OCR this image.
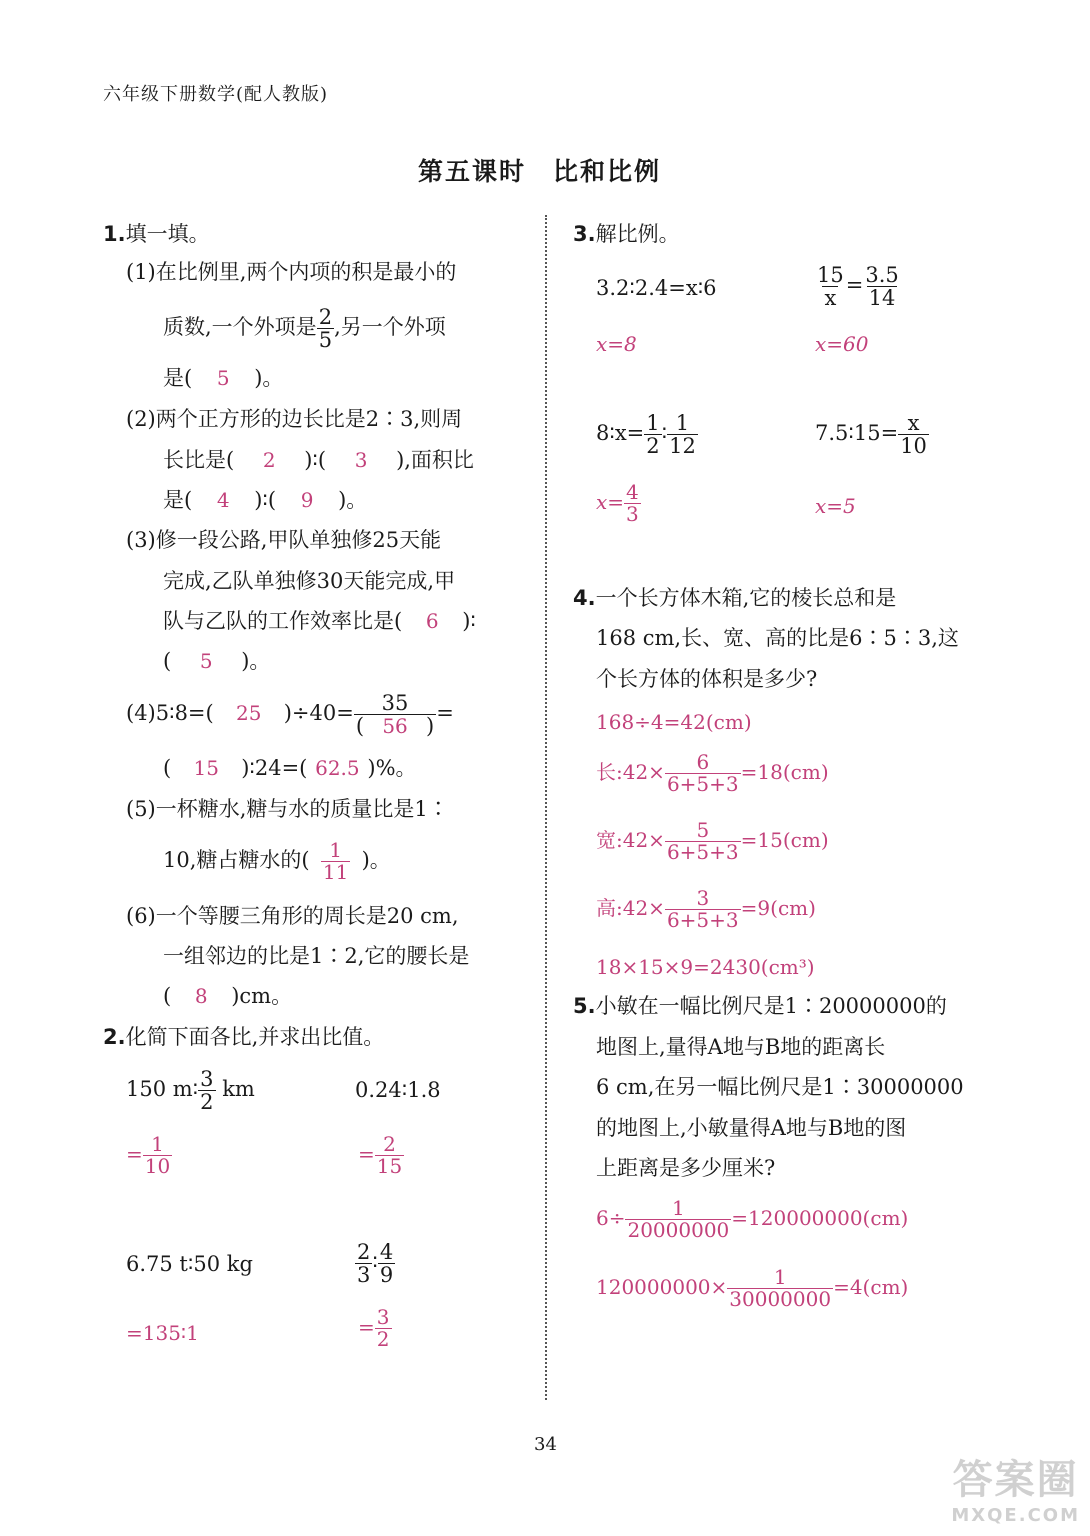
六年级下册数学(配人教版)
第五课时　比和比例
1.填一填。
(1)在比例里,两个内项的积是最小的
质数,一个外项是 $\frac{2}{5}$ ,另一个外项
是( 5 )。
(2)两个正方形的边长比是2∶3,则周
长比是( 2 )∶( 3 ),面积比
是( 4 )∶( 9 )。
(3)修一段公路,甲队单独修25天能
完成,乙队单独修30天能完成,甲
队与乙队的工作效率比是( 6 )∶
( 5 )。
(4)5∶8=( 25 )$\div 40= \frac{35}{( 56 )}$ =
( 15 )∶24=( 62.5 )%。
(5)一杯糖水,糖与水的质量比是1∶
10,糖占糖水的( $\frac{1}{11}$ )。
(6)一个等腰三角形的周长是20 cm,
一组邻边的比是1∶2,它的腰长是
( 8 )cm。
2.化简下面各比,并求出比值。
150 m∶ $\frac{3}{2}$ km	0.24∶1.8
= $\frac{1}{10}$	= $\frac{2}{15}$
6.75 t∶50 kg	$\frac{2}{3}$ ∶ $\frac{4}{9}$
=135∶1	= $\frac{3}{2}$
3.解比例。
3.2∶2.4=x∶6	$\frac{15}{x} = \frac{3.5}{14}$
x=8	x=60
8∶x= $\frac{1}{2}$ ∶ $\frac{1}{12}$	7.5∶15= $\frac{x}{10}$
$x= \frac{4}{3}$	x=5
4.一个长方体木箱,它的棱长总和是
168 cm,长、宽、高的比是6∶5∶3,这
个长方体的体积是多少?
168÷4=42(cm)
长:42× $\frac{6}{6+5+3} =18(cm)$
宽:42× $\frac{5}{6+5+3} =15(cm)$
高:42× $\frac{3}{6+5+3} =9(cm)$
18×15×9=2430(cm³)
5.小敏在一幅比例尺是1∶20000000的
地图上,量得A地与B地的距离长
6 cm,在另一幅比例尺是1∶30000000
的地图上,小敏量得A地与B地的图
上距离是多少厘米?
$6\div \frac{1}{20000000} =120000000(cm)$
$120000000\times \frac{1}{30000000} =4(cm)$
34
答案圈
MXQE.COM
